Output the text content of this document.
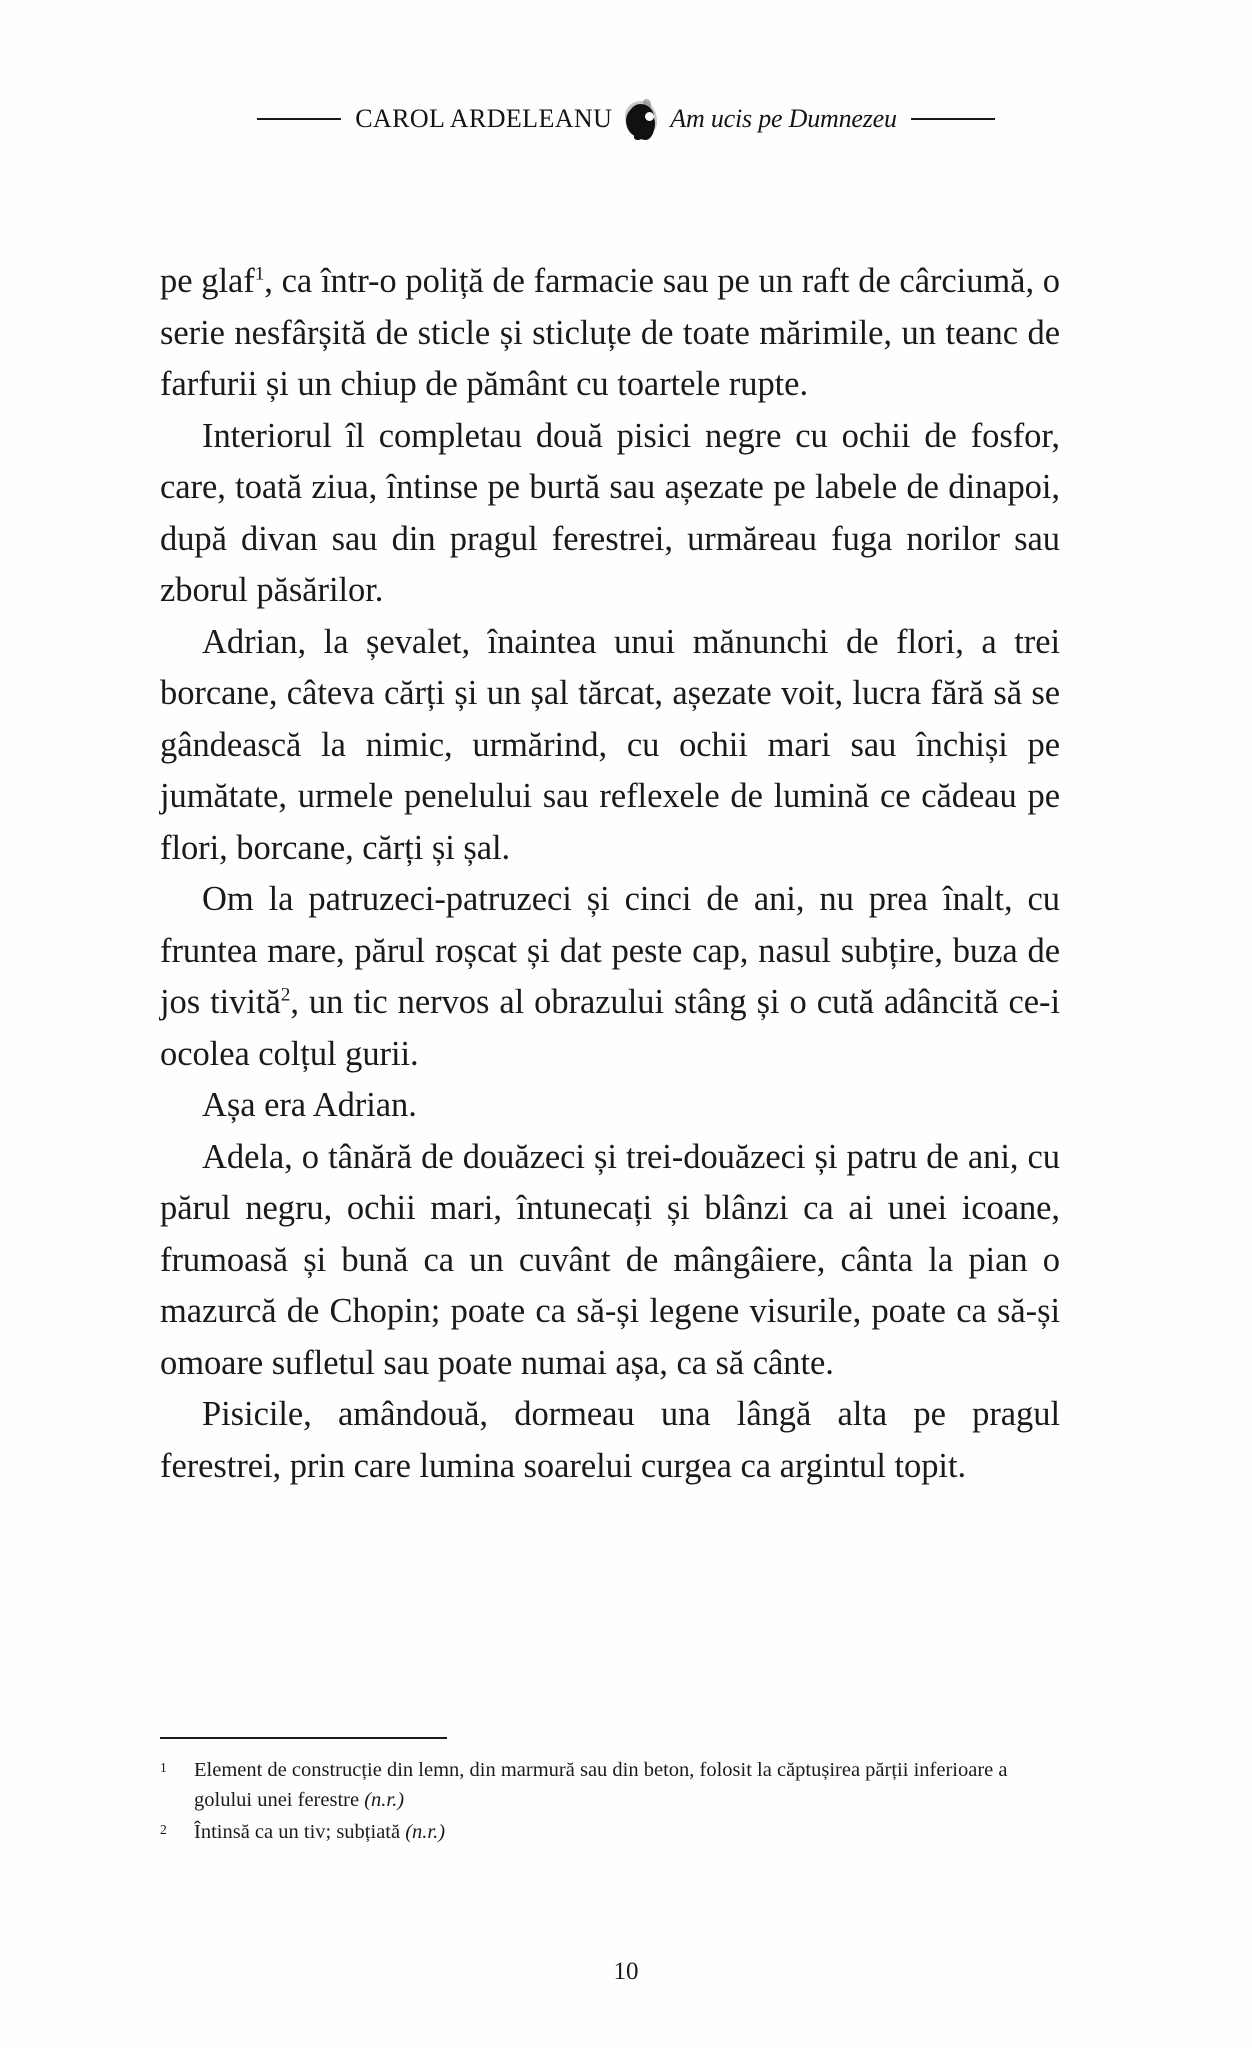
CAROL ARDELEANU Am ucis pe Dumnezeu

pe glaf$^1$, ca într-o poliță de farmacie sau pe un raft de cârciumă, o serie nesfârșită de sticle și sticluțe de toate mărimile, un teanc de farfurii și un chiup de pământ cu toartele rupte.

Interiorul îl completau două pisici negre cu ochii de fosfor, care, toată ziua, întinse pe burtă sau așezate pe labele de dinapoi, după divan sau din pragul ferestrei, urmăreau fuga norilor sau zborul păsărilor.

Adrian, la șevalet, înaintea unui mănunchi de flori, a trei borcane, câteva cărți și un șal tărcat, așezate voit, lucra fără să se gândească la nimic, urmărind, cu ochii mari sau închiși pe jumătate, urmele penelului sau reflexele de lumină ce cădeau pe flori, borcane, cărți și șal.

Om la patruzeci-patruzeci și cinci de ani, nu prea înalt, cu fruntea mare, părul roșcat și dat peste cap, nasul subțire, buza de jos tivită$^2$, un tic nervos al obrazului stâng și o cută adâncită ce-i ocolea colțul gurii.

Așa era Adrian.

Adela, o tânără de douăzeci și trei-douăzeci și patru de ani, cu părul negru, ochii mari, întunecați și blânzi ca ai unei icoane, frumoasă și bună ca un cuvânt de mângâiere, cânta la pian o mazurcă de Chopin; poate ca să-și legene visurile, poate ca să-și omoare sufletul sau poate numai așa, ca să cânte.

Pisicile, amândouă, dormeau una lângă alta pe pragul ferestrei, prin care lumina soarelui curgea ca argintul topit.

1	Element de construcție din lemn, din marmură sau din beton, folosit la căptușirea părții inferioare a golului unei ferestre (n.r.)
2	Întinsă ca un tiv; subțiată (n.r.)
10
